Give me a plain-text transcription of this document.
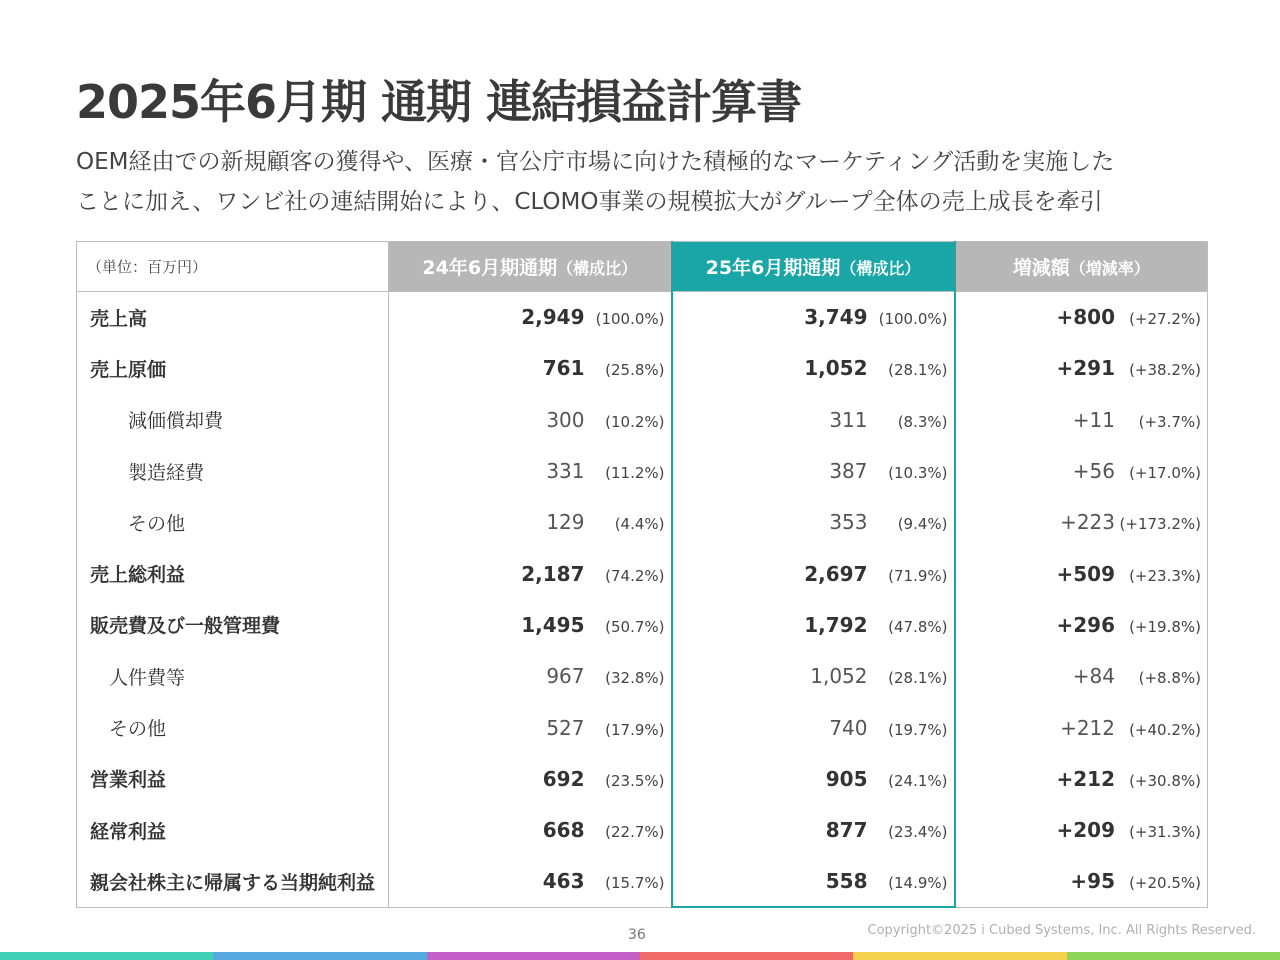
2025年6月期 通期 連結損益計算書
OEM経由での新規顧客の獲得や、医療・官公庁市場に向けた積極的なマーケティング活動を実施した
ことに加え、ワンビ社の連結開始により、CLOMO事業の規模拡大がグループ全体の売上成長を牽引
（単位：百万円）	24年6月期通期（構成比）	25年6月期通期（構成比）	増減額（増減率）
売上高	2,949 (100.0%)	3,749 (100.0%)	+800 (+27.2%)
売上原価	761 (25.8%)	1,052 (28.1%)	+291 (+38.2%)
減価償却費	300 (10.2%)	311 (8.3%)	+11 (+3.7%)
製造経費	331 (11.2%)	387 (10.3%)	+56 (+17.0%)
その他	129 (4.4%)	353 (9.4%)	+223 (+173.2%)
売上総利益	2,187 (74.2%)	2,697 (71.9%)	+509 (+23.3%)
販売費及び一般管理費	1,495 (50.7%)	1,792 (47.8%)	+296 (+19.8%)
人件費等	967 (32.8%)	1,052 (28.1%)	+84 (+8.8%)
その他	527 (17.9%)	740 (19.7%)	+212 (+40.2%)
営業利益	692 (23.5%)	905 (24.1%)	+212 (+30.8%)
経常利益	668 (22.7%)	877 (23.4%)	+209 (+31.3%)
親会社株主に帰属する当期純利益	463 (15.7%)	558 (14.9%)	+95 (+20.5%)
36	Copyright©2025 i Cubed Systems, Inc. All Rights Reserved.
